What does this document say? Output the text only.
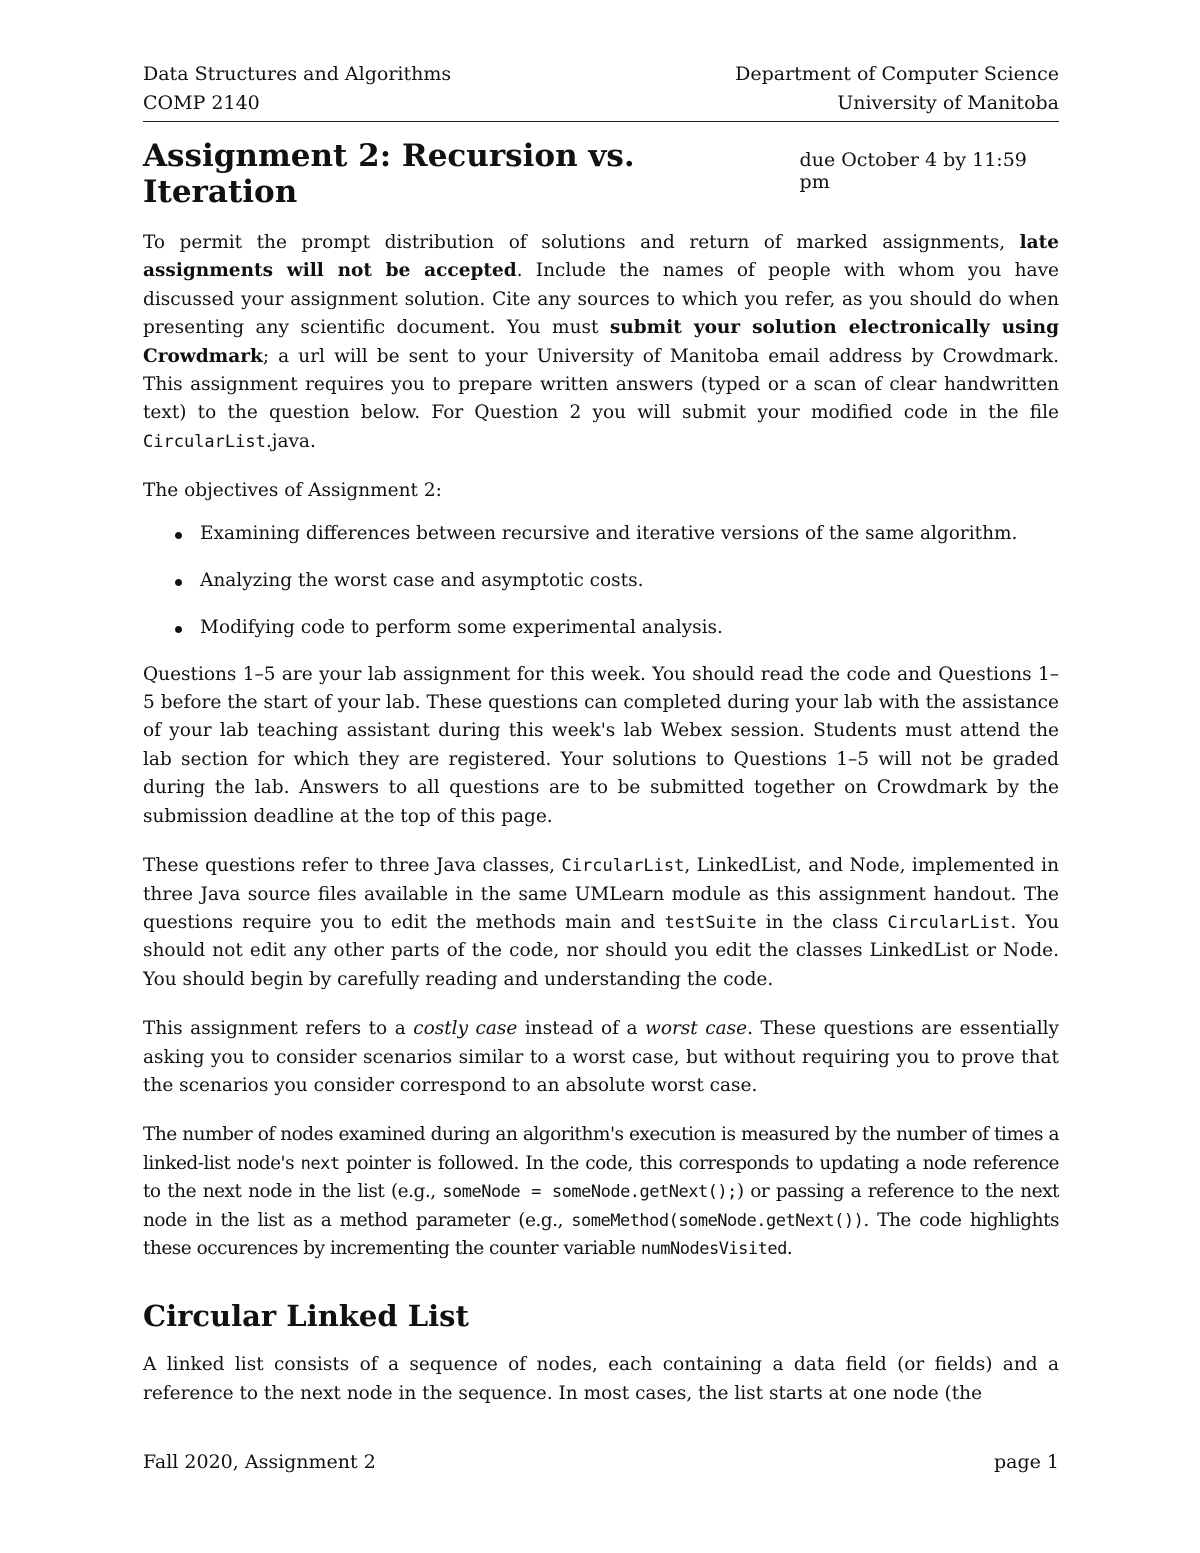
Data Structures and Algorithms	Department of Computer Science
COMP 2140	University of Manitoba
Assignment 2: Recursion vs. Iteration
due October 4 by 11:59 pm

To permit the prompt distribution of solutions and return of marked assignments, late assignments will not be accepted. Include the names of people with whom you have discussed your assignment solution. Cite any sources to which you refer, as you should do when presenting any scientific document. You must submit your solution electronically using Crowdmark; a url will be sent to your University of Manitoba email address by Crowdmark. This assignment requires you to prepare written answers (typed or a scan of clear handwritten text) to the question below. For Question 2 you will submit your modified code in the file CircularList.java.

The objectives of Assignment 2:

Examining differences between recursive and iterative versions of the same algorithm.
Analyzing the worst case and asymptotic costs.
Modifying code to perform some experimental analysis.

Questions 1–5 are your lab assignment for this week. You should read the code and Questions 1–5 before the start of your lab. These questions can completed during your lab with the assistance of your lab teaching assistant during this week's lab Webex session. Students must attend the lab section for which they are registered. Your solutions to Questions 1–5 will not be graded during the lab. Answers to all questions are to be submitted together on Crowdmark by the submission deadline at the top of this page.

These questions refer to three Java classes, CircularList, LinkedList, and Node, implemented in three Java source files available in the same UMLearn module as this assignment handout. The questions require you to edit the methods main and testSuite in the class CircularList. You should not edit any other parts of the code, nor should you edit the classes LinkedList or Node. You should begin by carefully reading and understanding the code.

This assignment refers to a costly case instead of a worst case. These questions are essentially asking you to consider scenarios similar to a worst case, but without requiring you to prove that the scenarios you consider correspond to an absolute worst case.

The number of nodes examined during an algorithm's execution is measured by the number of times a linked-list node's next pointer is followed. In the code, this corresponds to updating a node reference to the next node in the list (e.g., someNode = someNode.getNext();) or passing a reference to the next node in the list as a method parameter (e.g., someMethod(someNode.getNext()). The code highlights these occurences by incrementing the counter variable numNodesVisited.

Circular Linked List

A linked list consists of a sequence of nodes, each containing a data field (or fields) and a reference to the next node in the sequence. In most cases, the list starts at one node (the

Fall 2020, Assignment 2	page 1
